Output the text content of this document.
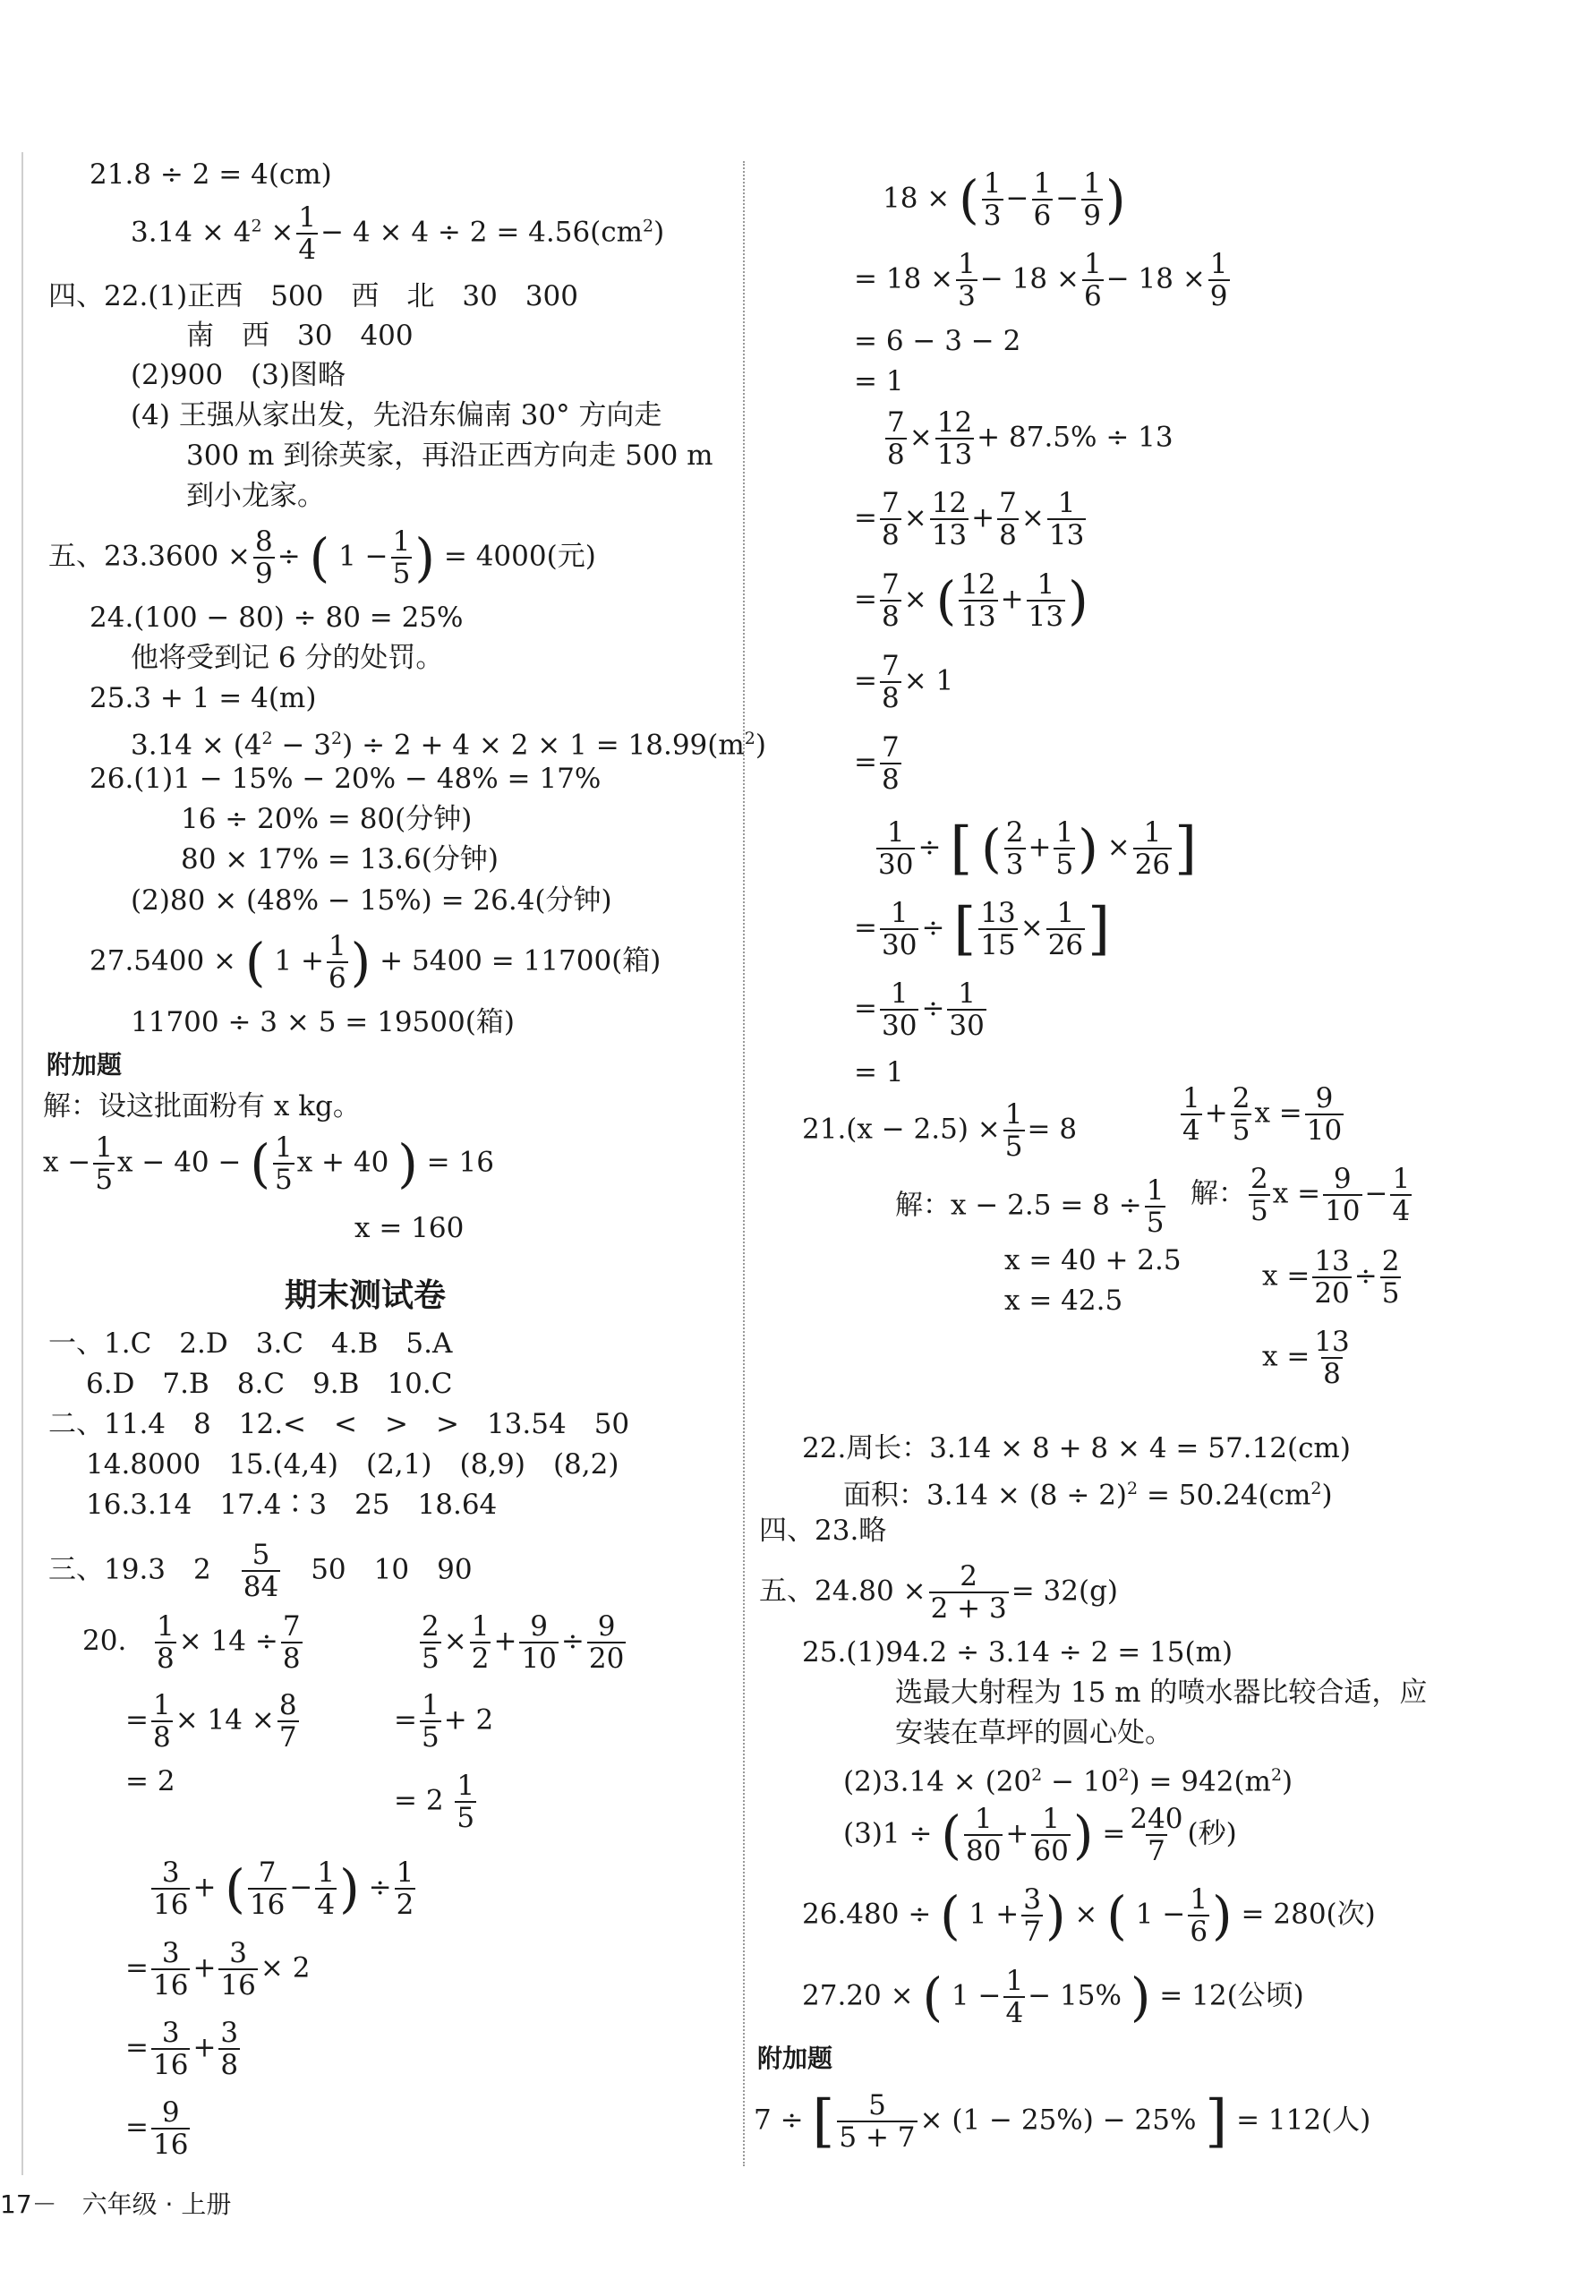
21.8 ÷ 2 = 4(cm)
$3.14 \times 4^2 \times \frac{1}{4} - 4 \times 4 \div 2 = 4.56(cm^2)$
四、22.(1)正西　500　西　北　30　300
南　西　30　400
(2)900　(3)图略
(4) 王强从家出发，先沿东偏南 30° 方向走
300 m 到徐英家，再沿正西方向走 500 m
到小龙家。
五、$23.3600 \times \frac{8}{9}$ ÷ ( $1 - \frac{1}{5}$ ) = 4000(元)
24.(100 − 80) ÷ 80 = 25%
他将受到记 6 分的处罚。
25.3 + 1 = 4(m)
$3.14 \times (4^2 - 3^2) \div 2 + 4 \times 2 \times 1 = 18.99(m^2)$
26.(1)1 − 15% − 20% − 48% = 17%
16 ÷ 20% = 80(分钟)
80 × 17% = 13.6(分钟)
(2)80 × (48% − 15%) = 26.4(分钟)
27.5400 × ( $1 + \frac{1}{6}$ ) + 5400 = 11700(箱)
11700 ÷ 3 × 5 = 19500(箱)
附加题
解：设这批面粉有 x kg。
$x - \frac{1}{5}$ x − 40 − ( $\frac{1}{5}$ x + 40 ) = 16
x = 160
期末测试卷
一、1.C　2.D　3.C　4.B　5.A
6.D　7.B　8.C　9.B　10.C
二、11.4　8　12.<　<　>　>　13.54　50
14.8000　15.(4,4)　(2,1)　(8,9)　(8,2)
16.3.14　17.4∶3　25　18.64
三、19.3　2　 $\frac{5}{84}$ 　50　10　90
20. $\frac{1}{8} \times 14 \div \frac{7}{8}$
= $\frac{1}{8} \times 14 \times \frac{8}{7}$
= 2
$\frac{2}{5} \times \frac{1}{2} + \frac{9}{10} \div \frac{9}{20}$
= $\frac{1}{5} + 2$
= $2 \frac{1}{5}$
$\frac{3}{16}$ + ( $\frac{7}{16} - \frac{1}{4}$ ) ÷ $\frac{1}{2}$
= $\frac{3}{16} + \frac{3}{16} \times 2$
= $\frac{3}{16} + \frac{3}{8}$
= $\frac{9}{16}$
17－　六年级 · 上册
18 × ( $\frac{1}{3} - \frac{1}{6} - \frac{1}{9}$ )
= $18 \times \frac{1}{3} - 18 \times \frac{1}{6} - 18 \times \frac{1}{9}$
= 6 − 3 − 2
= 1
$\frac{7}{8} \times \frac{12}{13} + 87.5\% \div 13$
= $\frac{7}{8} \times \frac{12}{13} + \frac{7}{8} \times \frac{1}{13}$
= $\frac{7}{8}$ × ( $\frac{12}{13} + \frac{1}{13}$ )
= $\frac{7}{8} \times 1$
= $\frac{7}{8}$
$\frac{1}{30}$ ÷ [ ( $\frac{2}{3} + \frac{1}{5}$ ) × $\frac{1}{26}$ ]
= $\frac{1}{30}$ ÷ [ $\frac{13}{15} \times \frac{1}{26}$ ]
= $\frac{1}{30} \div \frac{1}{30}$
= 1
$21.(x - 2.5) \times \frac{1}{5} = 8$
解：$x - 2.5 = 8 \div \frac{1}{5}$
x = 40 + 2.5
x = 42.5
$\frac{1}{4} + \frac{2}{5}$ $x = \frac{9}{10}$
解： $\frac{2}{5}$ $x = \frac{9}{10} - \frac{1}{4}$
$x = \frac{13}{20} \div \frac{2}{5}$
$x = \frac{13}{8}$
22.周长：3.14 × 8 + 8 × 4 = 57.12(cm)
面积：$3.14 \times (8 \div 2)^2 = 50.24(cm^2)$
四、23.略
五、$24.80 \times \frac{2}{2 + 3} = 32(g)$
25.(1)94.2 ÷ 3.14 ÷ 2 = 15(m)
选最大射程为 15 m 的喷水器比较合适，应
安装在草坪的圆心处。
$(2)3.14 \times (20^2 - 10^2) = 942(m^2)$
(3)1 ÷ ( $\frac{1}{80} + \frac{1}{60}$ ) = $\frac{240}{7}$ (秒)
26.480 ÷ ( $1 + \frac{3}{7}$ ) × ( $1 - \frac{1}{6}$ ) = 280(次)
27.20 × ( $1 - \frac{1}{4} - 15\%$ ) = 12(公顷)
附加题
7 ÷ [ $\frac{5}{5 + 7} \times (1 - 25\%) - 25\%$ ] = 112(人)
